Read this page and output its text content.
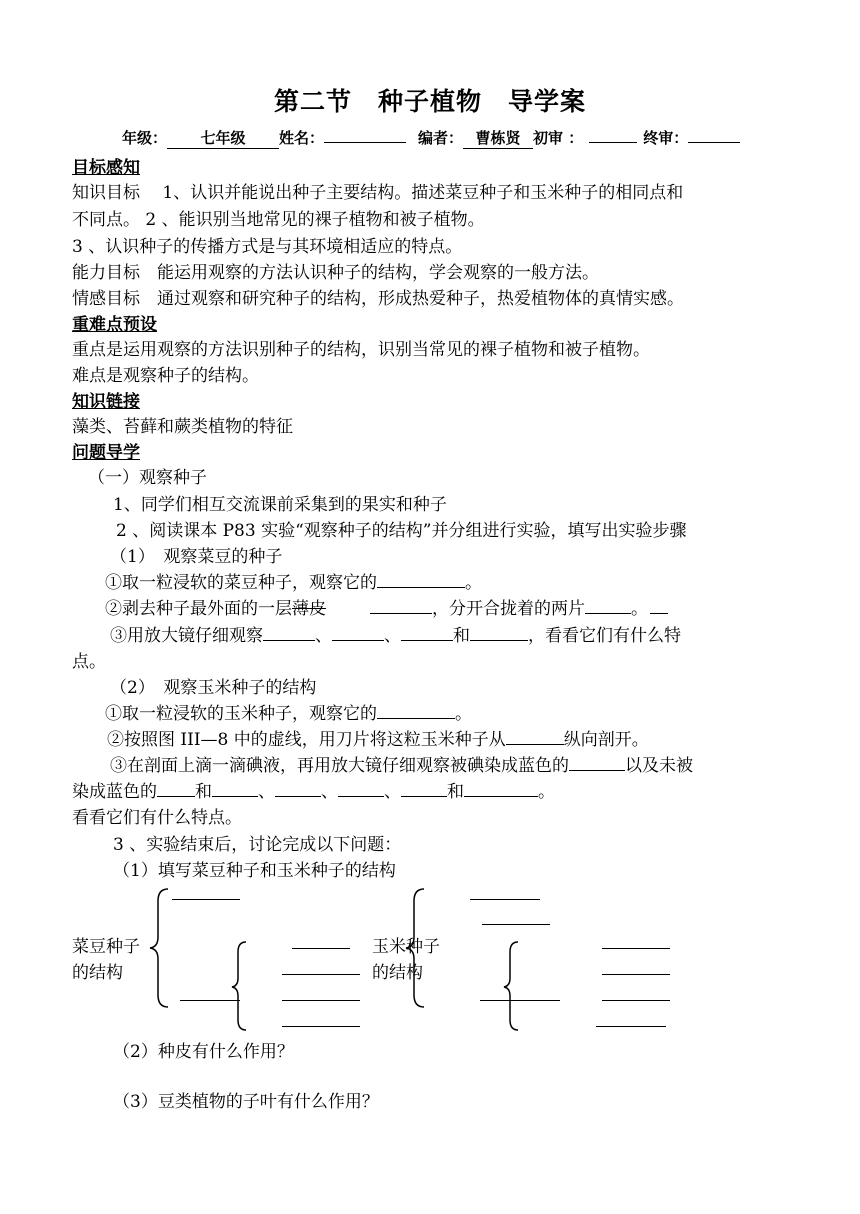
第二节　种子植物　导学案
年级： 七年级 姓名：	编者： 曹栋贤 初审 ：	终审：
目标感知
知识目标　 1、认识并能说出种子主要结构。描述菜豆种子和玉米种子的相同点和
不同点。 2 、能识别当地常见的裸子植物和被子植物。
3 、认识种子的传播方式是与其环境相适应的特点。
能力目标　能运用观察的方法认识种子的结构，学会观察的一般方法。
情感目标　通过观察和研究种子的结构，形成热爱种子，热爱植物体的真情实感。
重难点预设
重点是运用观察的方法识别种子的结构，识别当常见的裸子植物和被子植物。
难点是观察种子的结构。
知识链接
藻类、苔藓和蕨类植物的特征
问题导学
（一）观察种子
1、同学们相互交流课前采集到的果实和种子
2 、阅读课本 P83 实验“观察种子的结构”并分组进行实验，填写出实验步骤
（1）　观察菜豆的种子
①取一粒浸软的菜豆种子，观察它的	。
②剥去种子最外面的一层薄皮	，分开合拢着的两片	。
③用放大镜仔细观察	、	、	和	，看看它们有什么特
点。
（2）　观察玉米种子的结构
①取一粒浸软的玉米种子，观察它的	。
②按照图 III—8 中的虚线，用刀片将这粒玉米种子从	纵向剖开。
③在剖面上滴一滴碘液，再用放大镜仔细观察被碘染成蓝色的	以及未被
染成蓝色的 和	、	、	、	和	。
看看它们有什么特点。
3 、实验结束后，讨论完成以下问题：
（1）填写菜豆种子和玉米种子的结构
菜豆种子
的结构
玉米种子
的结构
（2）种皮有什么作用？
（3）豆类植物的子叶有什么作用？
